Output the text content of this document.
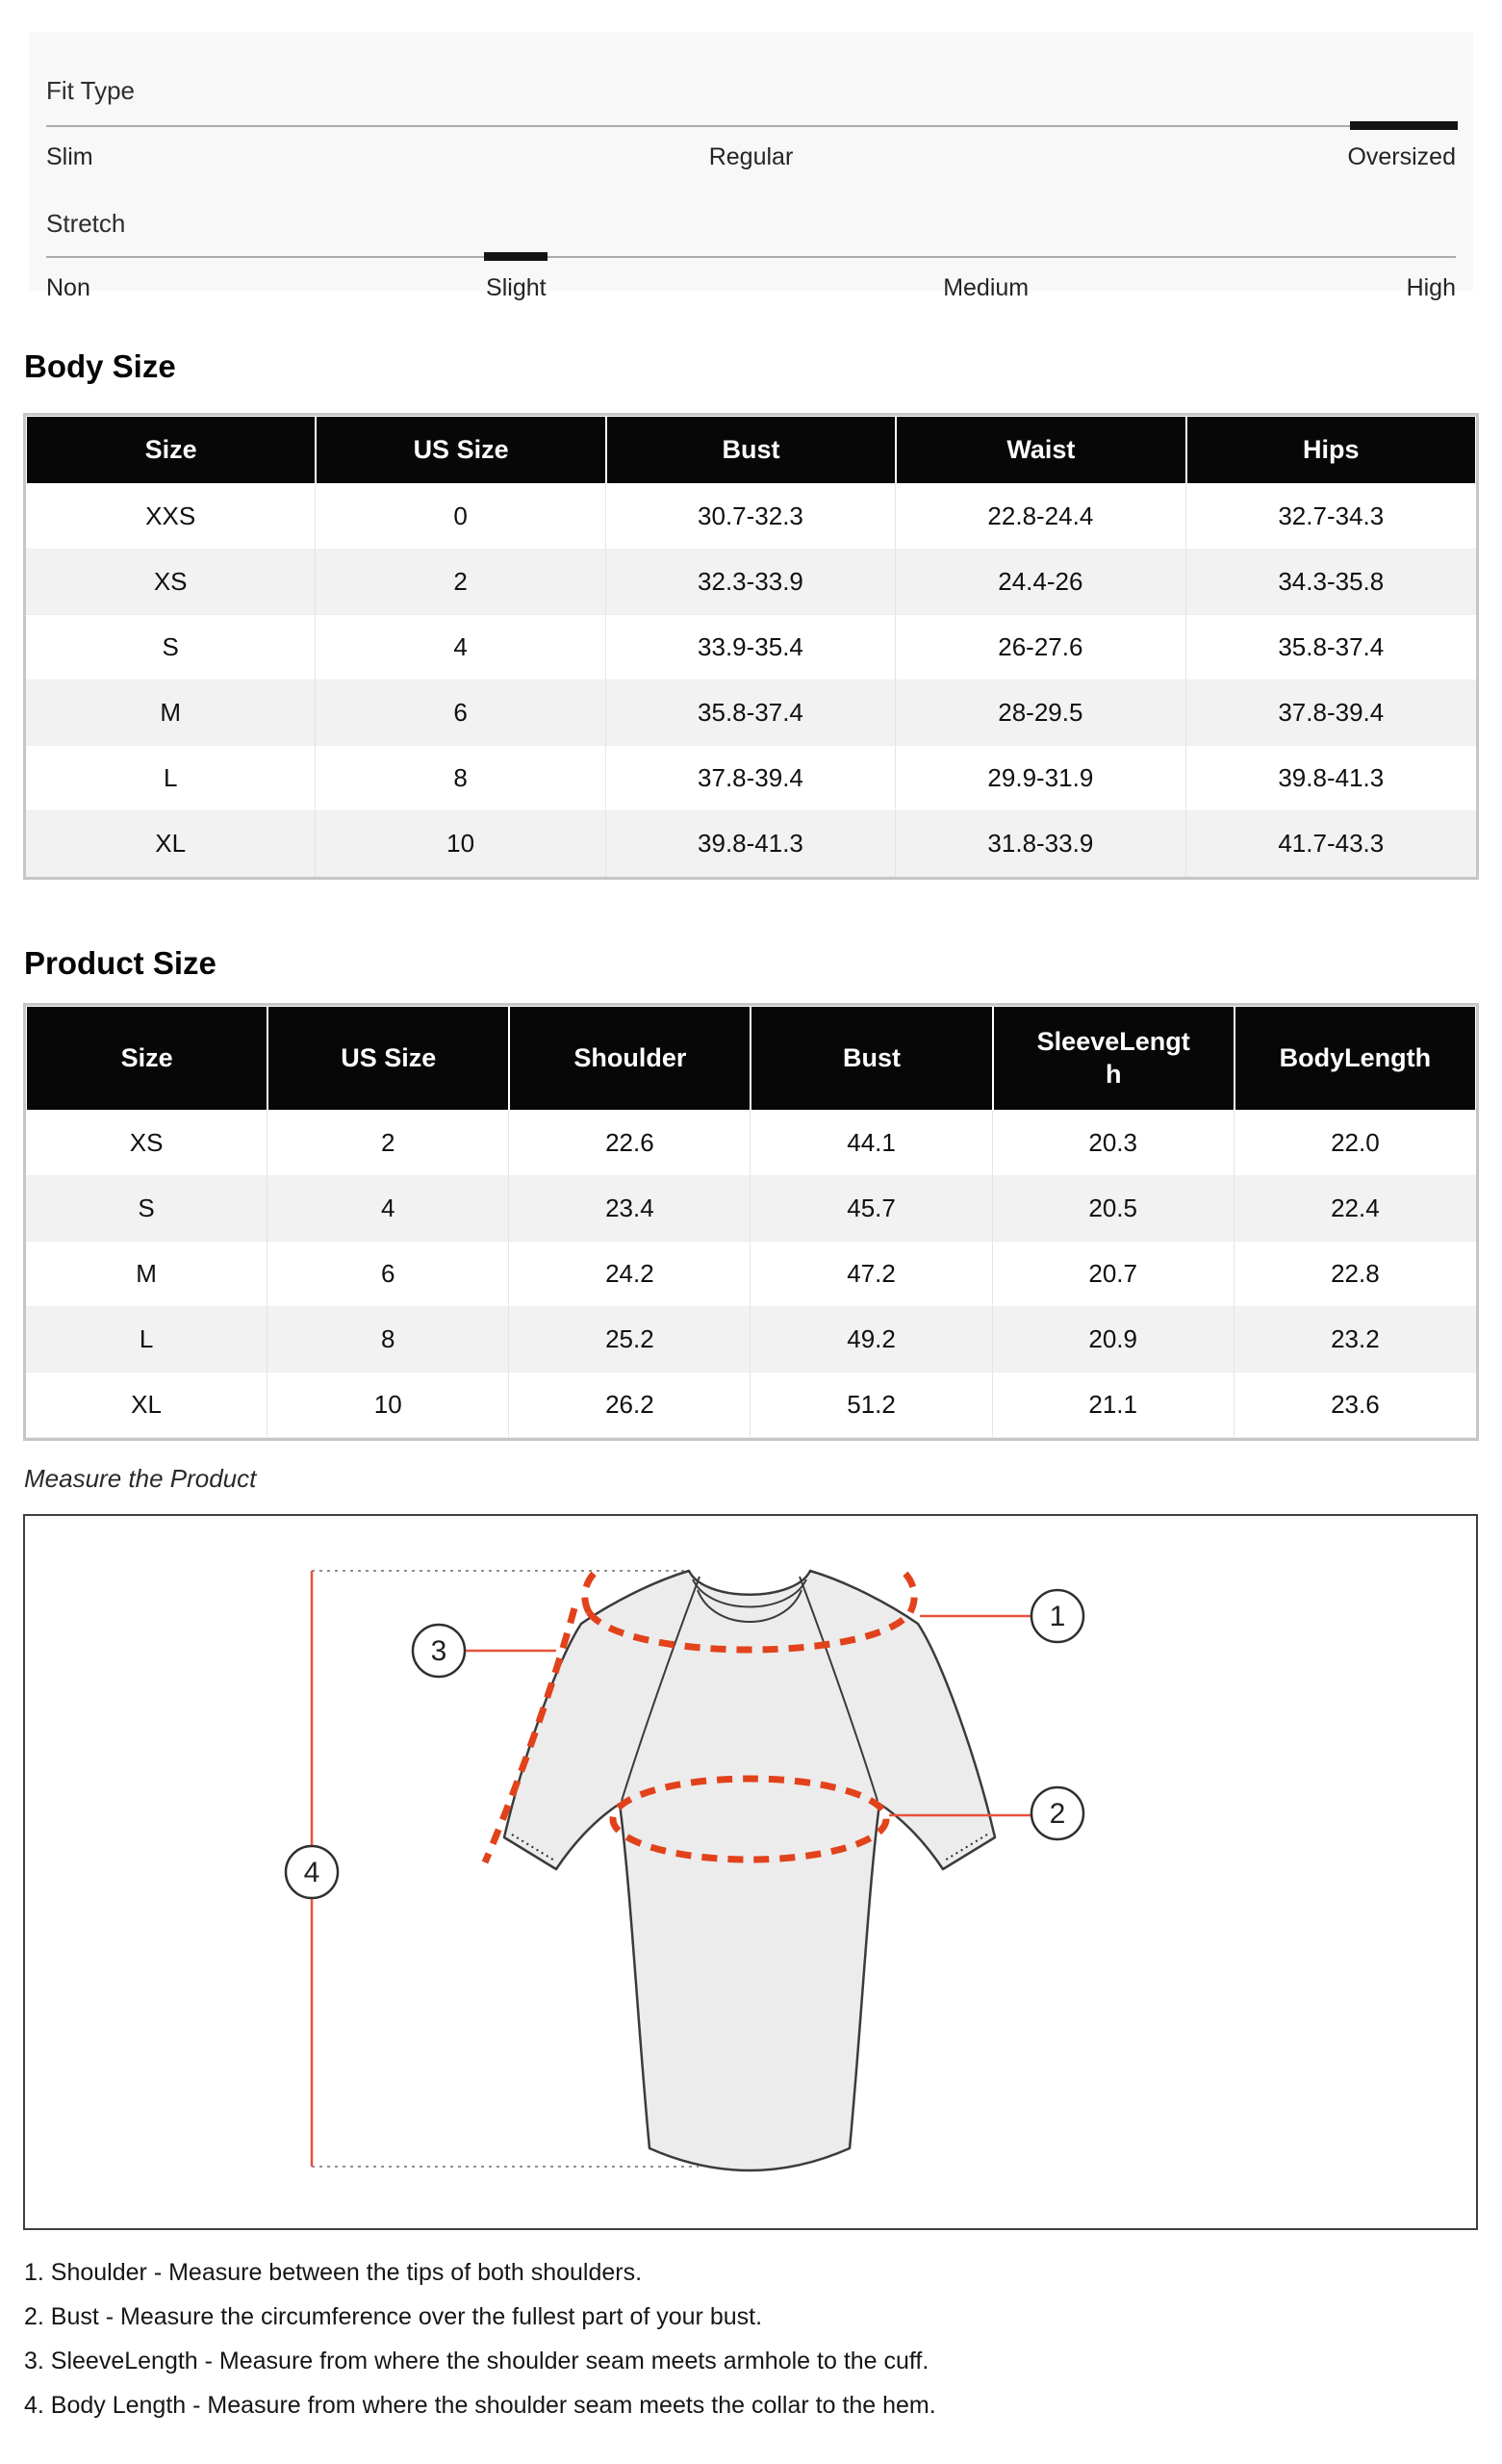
Fit Type
Slim	Regular	Oversized
Stretch
Non	Slight	Medium	High
Body Size
Size	US Size	Bust	Waist	Hips
XXS	0	30.7-32.3	22.8-24.4	32.7-34.3
XS	2	32.3-33.9	24.4-26	34.3-35.8
S	4	33.9-35.4	26-27.6	35.8-37.4
M	6	35.8-37.4	28-29.5	37.8-39.4
L	8	37.8-39.4	29.9-31.9	39.8-41.3
XL	10	39.8-41.3	31.8-33.9	41.7-43.3
Product Size
Size	US Size	Shoulder	Bust	SleeveLength	BodyLength
XS	2	22.6	44.1	20.3	22.0
S	4	23.4	45.7	20.5	22.4
M	6	24.2	47.2	20.7	22.8
L	8	25.2	49.2	20.9	23.2
XL	10	26.2	51.2	21.1	23.6
Measure the Product
1
2
3
4
1. Shoulder - Measure between the tips of both shoulders.
2. Bust - Measure the circumference over the fullest part of your bust.
3. SleeveLength - Measure from where the shoulder seam meets armhole to the cuff.
4. Body Length - Measure from where the shoulder seam meets the collar to the hem.
